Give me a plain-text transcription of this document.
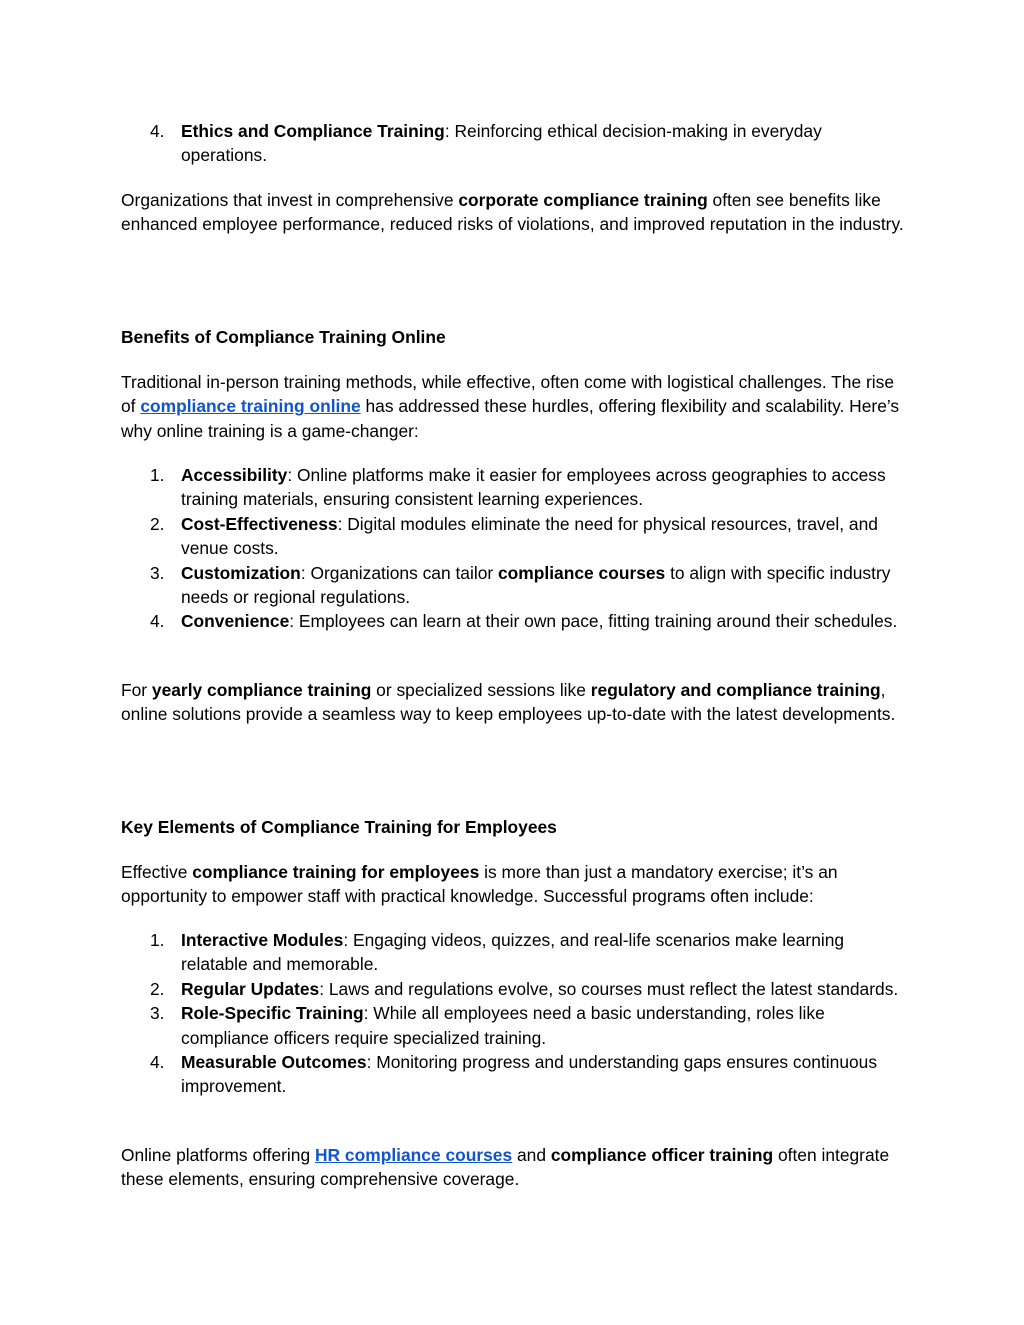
4. Ethics and Compliance Training: Reinforcing ethical decision-making in everyday operations.

Organizations that invest in comprehensive corporate compliance training often see benefits like enhanced employee performance, reduced risks of violations, and improved reputation in the industry.

Benefits of Compliance Training Online

Traditional in-person training methods, while effective, often come with logistical challenges. The rise of compliance training online has addressed these hurdles, offering flexibility and scalability. Here’s why online training is a game-changer:

1. Accessibility: Online platforms make it easier for employees across geographies to access training materials, ensuring consistent learning experiences.
2. Cost-Effectiveness: Digital modules eliminate the need for physical resources, travel, and venue costs.
3. Customization: Organizations can tailor compliance courses to align with specific industry needs or regional regulations.
4. Convenience: Employees can learn at their own pace, fitting training around their schedules.

For yearly compliance training or specialized sessions like regulatory and compliance training, online solutions provide a seamless way to keep employees up-to-date with the latest developments.

Key Elements of Compliance Training for Employees

Effective compliance training for employees is more than just a mandatory exercise; it’s an opportunity to empower staff with practical knowledge. Successful programs often include:

1. Interactive Modules: Engaging videos, quizzes, and real-life scenarios make learning relatable and memorable.
2. Regular Updates: Laws and regulations evolve, so courses must reflect the latest standards.
3. Role-Specific Training: While all employees need a basic understanding, roles like compliance officers require specialized training.
4. Measurable Outcomes: Monitoring progress and understanding gaps ensures continuous improvement.

Online platforms offering HR compliance courses and compliance officer training often integrate these elements, ensuring comprehensive coverage.
